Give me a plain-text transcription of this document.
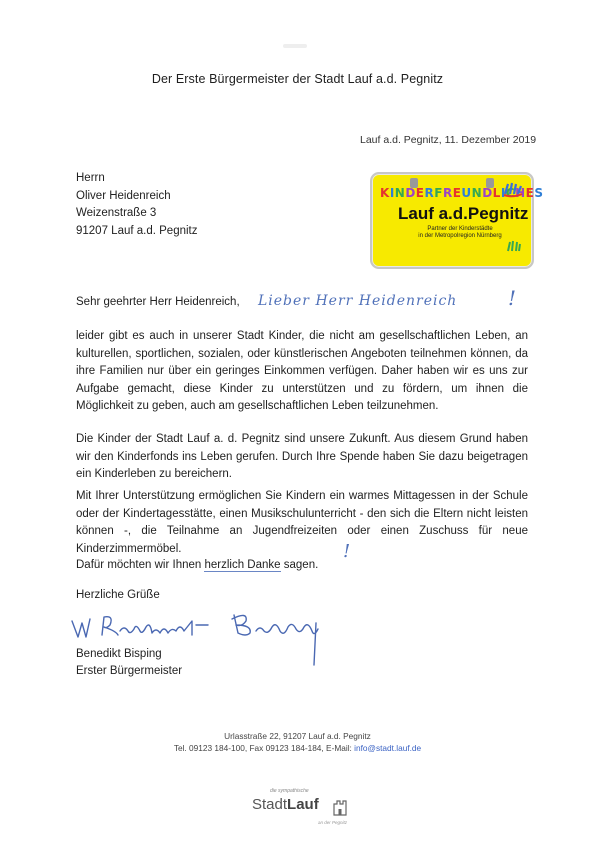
Der Erste Bürgermeister der Stadt Lauf a.d. Pegnitz
Lauf a.d. Pegnitz, 11. Dezember 2019
Herrn
Oliver Heidenreich
Weizenstraße 3
91207 Lauf a.d. Pegnitz
KINDERFREUNDLICHES
Lauf a.d.Pegnitz
Partner der Kinderstädte
in der Metropolregion Nürnberg
Sehr geehrter Herr Heidenreich, Lieber Herr Heidenreich	!
leider gibt es auch in unserer Stadt Kinder, die nicht am gesellschaftlichen Leben, an kulturellen, sportlichen, sozialen, oder künstlerischen Angeboten teilnehmen können, da ihre Familien nur über ein geringes Einkommen verfügen. Daher haben wir es uns zur Aufgabe gemacht, diese Kinder zu unterstützen und zu fördern, um ihnen die Möglichkeit zu geben, auch am gesellschaftlichen Leben teilzunehmen.
Die Kinder der Stadt Lauf a. d. Pegnitz sind unsere Zukunft. Aus diesem Grund haben wir den Kinderfonds ins Leben gerufen. Durch Ihre Spende haben Sie dazu beigetragen ein Kinderleben zu bereichern.
Mit Ihrer Unterstützung ermöglichen Sie Kindern ein warmes Mittagessen in der Schule oder der Kindertagesstätte, einen Musikschulunterricht - den sich die Eltern nicht leisten können -, die Teilnahme an Jugendfreizeiten oder einen Zuschuss für neue Kinderzimmermöbel.
Dafür möchten wir Ihnen herzlich Danke sagen.
!
Herzliche Grüße
Benedikt Bisping
Erster Bürgermeister
Urlasstraße 22, 91207 Lauf a.d. Pegnitz
Tel. 09123 184-100, Fax 09123 184-184, E-Mail: info@stadt.lauf.de
die sympathische
StadtLauf
an der Pegnitz
